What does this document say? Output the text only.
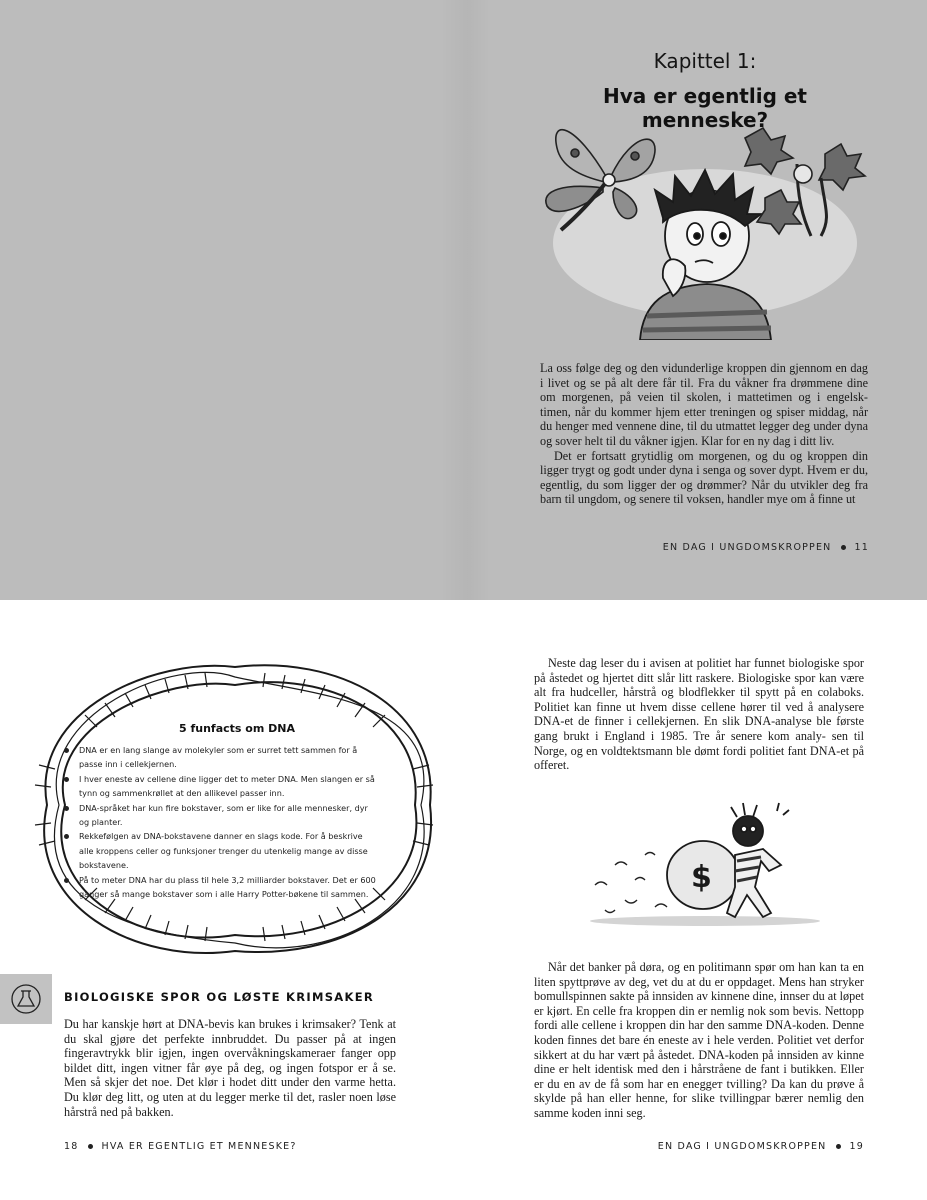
Kapittel 1:
Hva er egentlig et menneske?

La oss følge deg og den vidunderlige kroppen din gjennom en dag i livet og se på alt dere får til. Fra du våkner fra drømmene dine om morgenen, på veien til skolen, i mattetimen og i engelsk- timen, når du kommer hjem etter treningen og spiser middag, når du henger med vennene dine, til du utmattet legger deg under dyna og sover helt til du våkner igjen. Klar for en ny dag i ditt liv.

Det er fortsatt grytidlig om morgenen, og du og kroppen din ligger trygt og godt under dyna i senga og sover dypt. Hvem er du, egentlig, du som ligger der og drømmer? Når du utvikler deg fra barn til ungdom, og senere til voksen, handler mye om å finne ut

EN DAG I UNGDOMSKROPPEN 11
5 funfacts om DNA
DNA er en lang slange av molekyler som er surret tett sammen for å
passe inn i cellekjernen.
I hver eneste av cellene dine ligger det to meter DNA. Men slangen er så
tynn og sammenkrøllet at den allikevel passer inn.
DNA-språket har kun fire bokstaver, som er like for alle mennesker, dyr
og planter.
Rekkefølgen av DNA-bokstavene danner en slags kode. For å beskrive
alle kroppens celler og funksjoner trenger du utenkelig mange av disse
bokstavene.
På to meter DNA har du plass til hele 3,2 milliarder bokstaver. Det er 600
ganger så mange bokstaver som i alle Harry Potter-bøkene til sammen.
BIOLOGISKE SPOR OG LØSTE KRIMSAKER

Du har kanskje hørt at DNA-bevis kan brukes i krimsaker? Tenk at du skal gjøre det perfekte innbruddet. Du passer på at ingen fingeravtrykk blir igjen, ingen overvåkningskameraer fanger opp bildet ditt, ingen vitner får øye på deg, og ingen fotspor er å se. Men så skjer det noe. Det klør i hodet ditt under den varme hetta. Du klør deg litt, og uten at du legger merke til det, rasler noen løse hårstrå ned på bakken.

18 HVA ER EGENTLIG ET MENNESKE?

Neste dag leser du i avisen at politiet har funnet biologiske spor på åstedet og hjertet ditt slår litt raskere. Biologiske spor kan være alt fra hudceller, hårstrå og blodflekker til spytt på en colaboks. Politiet kan finne ut hvem disse cellene hører til ved å analysere DNA-et de finner i cellekjernen. En slik DNA-analyse ble første gang brukt i England i 1985. Tre år senere kom analy- sen til Norge, og en voldtektsmann ble dømt fordi politiet fant DNA-et på offeret.

$

Når det banker på døra, og en politimann spør om han kan ta en liten spyttprøve av deg, vet du at du er oppdaget. Mens han stryker bomullspinnen sakte på innsiden av kinnene dine, innser du at løpet er kjørt. En celle fra kroppen din er nemlig nok som bevis. Nettopp fordi alle cellene i kroppen din har den samme DNA-koden. Denne koden finnes det bare én eneste av i hele verden. Politiet vet derfor sikkert at du har vært på åstedet. DNA-koden på innsiden av kinne dine er helt identisk med den i hårstråene de fant i butikken. Eller er du en av de få som har en eneggет tvilling? Da kan du prøve å skylde på han eller henne, for slike tvillingpar bærer nemlig den samme koden inni seg.

EN DAG I UNGDOMSKROPPEN 19
